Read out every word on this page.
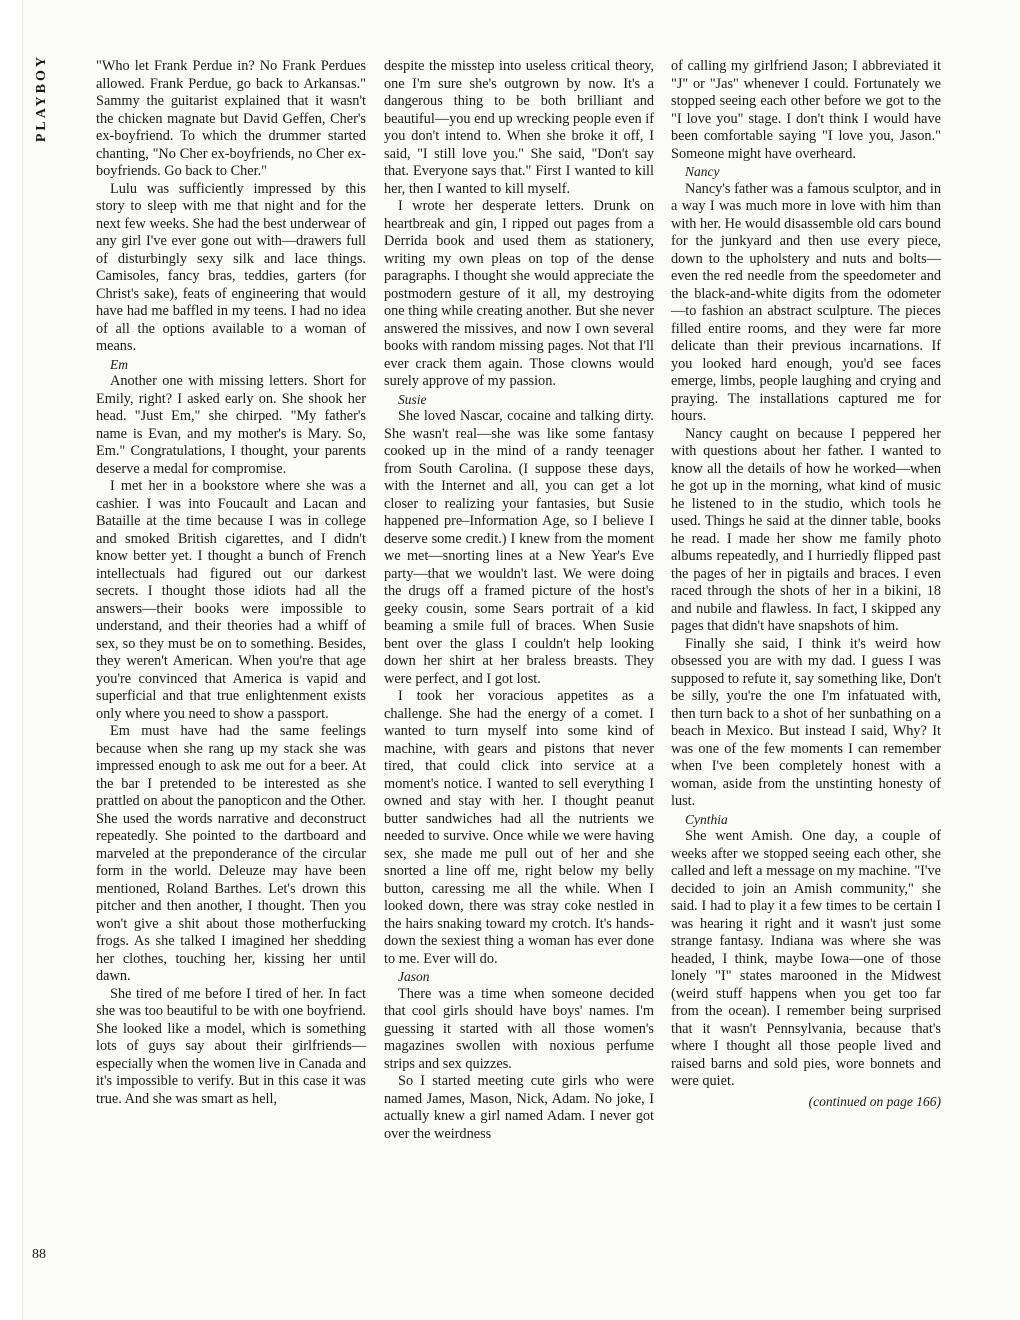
PLAYBOY
88

"Who let Frank Perdue in? No Frank Perdues allowed. Frank Perdue, go back to Arkansas." Sammy the guitarist explained that it wasn't the chicken magnate but David Geffen, Cher's ex-boyfriend. To which the drummer started chanting, "No Cher ex-boyfriends, no Cher ex-boyfriends. Go back to Cher."

Lulu was sufficiently impressed by this story to sleep with me that night and for the next few weeks. She had the best underwear of any girl I've ever gone out with—drawers full of disturbingly sexy silk and lace things. Camisoles, fancy bras, teddies, garters (for Christ's sake), feats of engineering that would have had me baffled in my teens. I had no idea of all the options available to a woman of means.

Em

Another one with missing letters. Short for Emily, right? I asked early on. She shook her head. "Just Em," she chirped. "My father's name is Evan, and my mother's is Mary. So, Em." Congratulations, I thought, your parents deserve a medal for compromise.

I met her in a bookstore where she was a cashier. I was into Foucault and Lacan and Bataille at the time because I was in college and smoked British cigarettes, and I didn't know better yet. I thought a bunch of French intellectuals had figured out our darkest secrets. I thought those idiots had all the answers—their books were impossible to understand, and their theories had a whiff of sex, so they must be on to something. Besides, they weren't American. When you're that age you're convinced that America is vapid and superficial and that true enlightenment exists only where you need to show a passport.

Em must have had the same feelings because when she rang up my stack she was impressed enough to ask me out for a beer. At the bar I pretended to be interested as she prattled on about the panopticon and the Other. She used the words narrative and deconstruct repeatedly. She pointed to the dartboard and marveled at the preponderance of the circular form in the world. Deleuze may have been mentioned, Roland Barthes. Let's drown this pitcher and then another, I thought. Then you won't give a shit about those motherfucking frogs. As she talked I imagined her shedding her clothes, touching her, kissing her until dawn.

She tired of me before I tired of her. In fact she was too beautiful to be with one boyfriend. She looked like a model, which is something lots of guys say about their girlfriends—especially when the women live in Canada and it's impossible to verify. But in this case it was true. And she was smart as hell,

despite the misstep into useless critical theory, one I'm sure she's outgrown by now. It's a dangerous thing to be both brilliant and beautiful—you end up wrecking people even if you don't intend to. When she broke it off, I said, "I still love you." She said, "Don't say that. Everyone says that." First I wanted to kill her, then I wanted to kill myself.

I wrote her desperate letters. Drunk on heartbreak and gin, I ripped out pages from a Derrida book and used them as stationery, writing my own pleas on top of the dense paragraphs. I thought she would appreciate the postmodern gesture of it all, my destroying one thing while creating another. But she never answered the missives, and now I own several books with random missing pages. Not that I'll ever crack them again. Those clowns would surely approve of my passion.

Susie

She loved Nascar, cocaine and talking dirty. She wasn't real—she was like some fantasy cooked up in the mind of a randy teenager from South Carolina. (I suppose these days, with the Internet and all, you can get a lot closer to realizing your fantasies, but Susie happened pre–Information Age, so I believe I deserve some credit.) I knew from the moment we met—snorting lines at a New Year's Eve party—that we wouldn't last. We were doing the drugs off a framed picture of the host's geeky cousin, some Sears portrait of a kid beaming a smile full of braces. When Susie bent over the glass I couldn't help looking down her shirt at her braless breasts. They were perfect, and I got lost.

I took her voracious appetites as a challenge. She had the energy of a comet. I wanted to turn myself into some kind of machine, with gears and pistons that never tired, that could click into service at a moment's notice. I wanted to sell everything I owned and stay with her. I thought peanut butter sandwiches had all the nutrients we needed to survive. Once while we were having sex, she made me pull out of her and she snorted a line off me, right below my belly button, caressing me all the while. When I looked down, there was stray coke nestled in the hairs snaking toward my crotch. It's hands-down the sexiest thing a woman has ever done to me. Ever will do.

Jason

There was a time when someone decided that cool girls should have boys' names. I'm guessing it started with all those women's magazines swollen with noxious perfume strips and sex quizzes.

So I started meeting cute girls who were named James, Mason, Nick, Adam. No joke, I actually knew a girl named Adam. I never got over the weirdness

of calling my girlfriend Jason; I abbreviated it "J" or "Jas" whenever I could. Fortunately we stopped seeing each other before we got to the "I love you" stage. I don't think I would have been comfortable saying "I love you, Jason." Someone might have overheard.

Nancy

Nancy's father was a famous sculptor, and in a way I was much more in love with him than with her. He would disassemble old cars bound for the junkyard and then use every piece, down to the upholstery and nuts and bolts—even the red needle from the speedometer and the black-and-white digits from the odometer—to fashion an abstract sculpture. The pieces filled entire rooms, and they were far more delicate than their previous incarnations. If you looked hard enough, you'd see faces emerge, limbs, people laughing and crying and praying. The installations captured me for hours.

Nancy caught on because I peppered her with questions about her father. I wanted to know all the details of how he worked—when he got up in the morning, what kind of music he listened to in the studio, which tools he used. Things he said at the dinner table, books he read. I made her show me family photo albums repeatedly, and I hurriedly flipped past the pages of her in pigtails and braces. I even raced through the shots of her in a bikini, 18 and nubile and flawless. In fact, I skipped any pages that didn't have snapshots of him.

Finally she said, I think it's weird how obsessed you are with my dad. I guess I was supposed to refute it, say something like, Don't be silly, you're the one I'm infatuated with, then turn back to a shot of her sunbathing on a beach in Mexico. But instead I said, Why? It was one of the few moments I can remember when I've been completely honest with a woman, aside from the unstinting honesty of lust.

Cynthia

She went Amish. One day, a couple of weeks after we stopped seeing each other, she called and left a message on my machine. "I've decided to join an Amish community," she said. I had to play it a few times to be certain I was hearing it right and it wasn't just some strange fantasy. Indiana was where she was headed, I think, maybe Iowa—one of those lonely "I" states marooned in the Midwest (weird stuff happens when you get too far from the ocean). I remember being surprised that it wasn't Pennsylvania, because that's where I thought all those people lived and raised barns and sold pies, wore bonnets and were quiet.

(continued on page 166)
